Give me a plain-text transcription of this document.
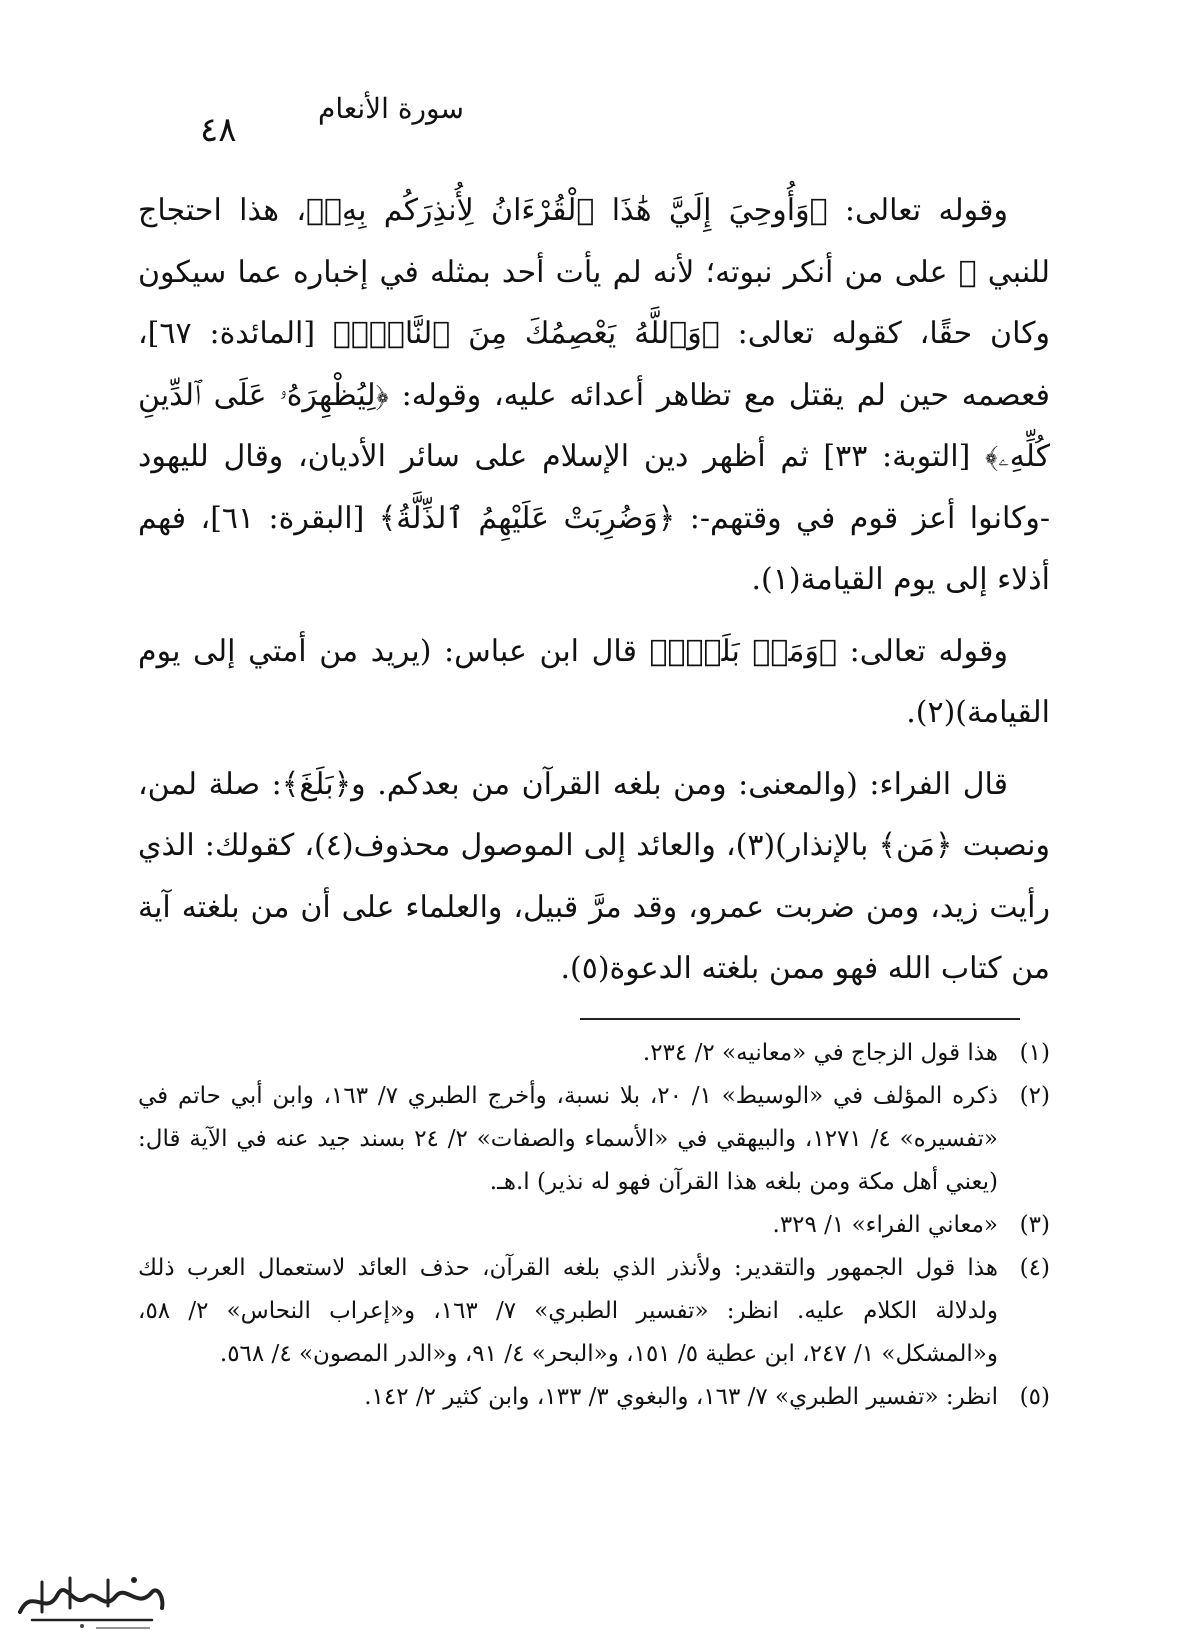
٤٨
سورة الأنعام

وقوله تعالى: ﴿وَأُوحِيَ إِلَيَّ هَٰذَا ٱلْقُرْءَانُ لِأُنذِرَكُم بِهِۦ﴾، هذا احتجاج للنبي ﷺ على من أنكر نبوته؛ لأنه لم يأت أحد بمثله في إخباره عما سيكون وكان حقًا، كقوله تعالى: ﴿وَٱللَّهُ يَعْصِمُكَ مِنَ ٱلنَّاسِۗ﴾ [المائدة: ٦٧]، فعصمه حين لم يقتل مع تظاهر أعدائه عليه، وقوله: ﴿لِيُظْهِرَهُۥ عَلَى ٱلدِّينِ كُلِّهِۦ﴾ [التوبة: ٣٣] ثم أظهر دين الإسلام على سائر الأديان، وقال لليهود -وكانوا أعز قوم في وقتهم-: ﴿وَضُرِبَتْ عَلَيْهِمُ ٱلذِّلَّةُ﴾ [البقرة: ٦١]، فهم أذلاء إلى يوم القيامة(١).

وقوله تعالى: ﴿وَمَنۢ بَلَغَۚ﴾ قال ابن عباس: (يريد من أمتي إلى يوم القيامة)(٢).

قال الفراء: (والمعنى: ومن بلغه القرآن من بعدكم. و﴿بَلَغَ﴾: صلة لمن، ونصبت ﴿مَن﴾ بالإنذار)(٣)، والعائد إلى الموصول محذوف(٤)، كقولك: الذي رأيت زيد، ومن ضربت عمرو، وقد مرَّ قبيل، والعلماء على أن من بلغته آية من كتاب الله فهو ممن بلغته الدعوة(٥).

(١)
هذا قول الزجاج في «معانيه» ٢/ ٢٣٤.
(٢)
ذكره المؤلف في «الوسيط» ١/ ٢٠، بلا نسبة، وأخرج الطبري ٧/ ١٦٣، وابن أبي حاتم في «تفسيره» ٤/ ١٢٧١، والبيهقي في «الأسماء والصفات» ٢/ ٢٤ بسند جيد عنه في الآية قال: (يعني أهل مكة ومن بلغه هذا القرآن فهو له نذير) ا.هـ.
(٣)
«معاني الفراء» ١/ ٣٢٩.
(٤)
هذا قول الجمهور والتقدير: ولأنذر الذي بلغه القرآن، حذف العائد لاستعمال العرب ذلك ولدلالة الكلام عليه. انظر: «تفسير الطبري» ٧/ ١٦٣، و«إعراب النحاس» ٢/ ٥٨، و«المشكل» ١/ ٢٤٧، ابن عطية ٥/ ١٥١، و«البحر» ٤/ ٩١، و«الدر المصون» ٤/ ٥٦٨.
(٥)
انظر: «تفسير الطبري» ٧/ ١٦٣، والبغوي ٣/ ١٣٣، وابن كثير ٢/ ١٤٢.
